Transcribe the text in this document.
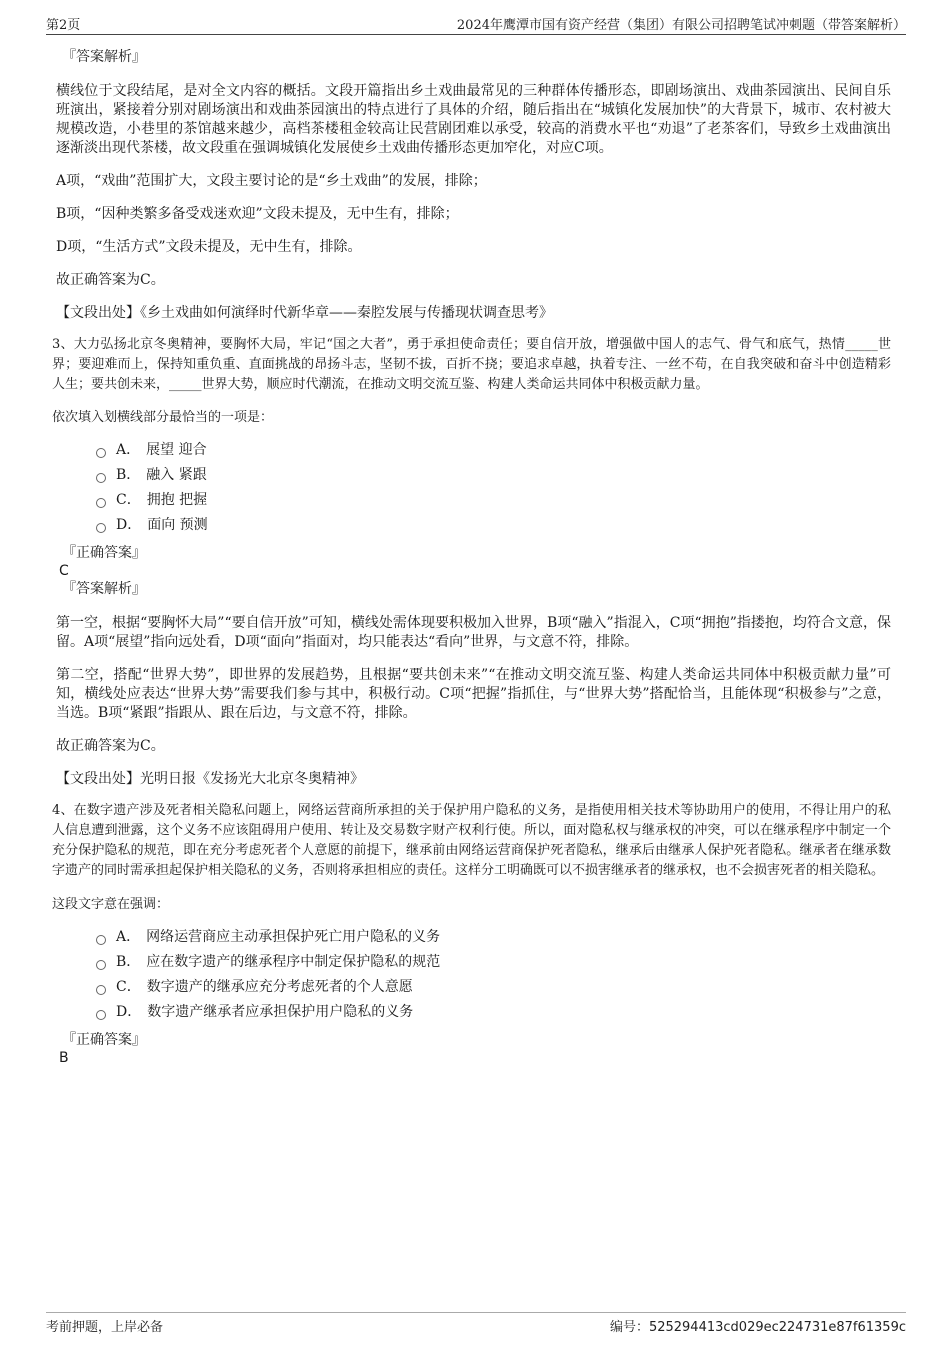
第2页	2024年鹰潭市国有资产经营（集团）有限公司招聘笔试冲刺题（带答案解析）
『答案解析』
横线位于文段结尾，是对全文内容的概括。文段开篇指出乡土戏曲最常见的三种群体传播形态，即剧场演出、戏曲茶园演出、民间自乐班演出，紧接着分别对剧场演出和戏曲茶园演出的特点进行了具体的介绍，随后指出在“城镇化发展加快”的大背景下，城市、农村被大规模改造，小巷里的茶馆越来越少，高档茶楼租金较高让民营剧团难以承受，较高的消费水平也“劝退”了老茶客们，导致乡土戏曲演出逐渐淡出现代茶楼，故文段重在强调城镇化发展使乡土戏曲传播形态更加窄化，对应C项。
A项，“戏曲”范围扩大，文段主要讨论的是“乡土戏曲”的发展，排除；
B项，“因种类繁多备受戏迷欢迎”文段未提及，无中生有，排除；
D项，“生活方式”文段未提及，无中生有，排除。
故正确答案为C。
【文段出处】《乡土戏曲如何演绎时代新华章——秦腔发展与传播现状调查思考》
3、大力弘扬北京冬奥精神，要胸怀大局，牢记“国之大者”，勇于承担使命责任；要自信开放，增强做中国人的志气、骨气和底气，热情_____世界；要迎难而上，保持知重负重、直面挑战的昂扬斗志，坚韧不拔，百折不挠；要追求卓越，执着专注、一丝不苟，在自我突破和奋斗中创造精彩人生；要共创未来，_____世界大势，顺应时代潮流，在推动文明交流互鉴、构建人类命运共同体中积极贡献力量。
依次填入划横线部分最恰当的一项是：
A． 展望 迎合
B． 融入 紧跟
C． 拥抱 把握
D． 面向 预测
『正确答案』
C
『答案解析』
第一空，根据“要胸怀大局”“要自信开放”可知，横线处需体现要积极加入世界，B项“融入”指混入，C项“拥抱”指搂抱，均符合文意，保留。A项“展望”指向远处看，D项“面向”指面对，均只能表达“看向”世界，与文意不符，排除。
第二空，搭配“世界大势”，即世界的发展趋势，且根据“要共创未来”“在推动文明交流互鉴、构建人类命运共同体中积极贡献力量”可知，横线处应表达“世界大势”需要我们参与其中，积极行动。C项“把握”指抓住，与“世界大势”搭配恰当，且能体现“积极参与”之意，当选。B项“紧跟”指跟从、跟在后边，与文意不符，排除。
故正确答案为C。
【文段出处】光明日报《发扬光大北京冬奥精神》
4、在数字遗产涉及死者相关隐私问题上，网络运营商所承担的关于保护用户隐私的义务，是指使用相关技术等协助用户的使用，不得让用户的私人信息遭到泄露，这个义务不应该阻碍用户使用、转让及交易数字财产权利行使。所以，面对隐私权与继承权的冲突，可以在继承程序中制定一个充分保护隐私的规范，即在充分考虑死者个人意愿的前提下，继承前由网络运营商保护死者隐私，继承后由继承人保护死者隐私。继承者在继承数字遗产的同时需承担起保护相关隐私的义务，否则将承担相应的责任。这样分工明确既可以不损害继承者的继承权，也不会损害死者的相关隐私。
这段文字意在强调：
A． 网络运营商应主动承担保护死亡用户隐私的义务
B． 应在数字遗产的继承程序中制定保护隐私的规范
C． 数字遗产的继承应充分考虑死者的个人意愿
D． 数字遗产继承者应承担保护用户隐私的义务
『正确答案』
B
考前押题，上岸必备	编号：525294413cd029ec224731e87f61359c
